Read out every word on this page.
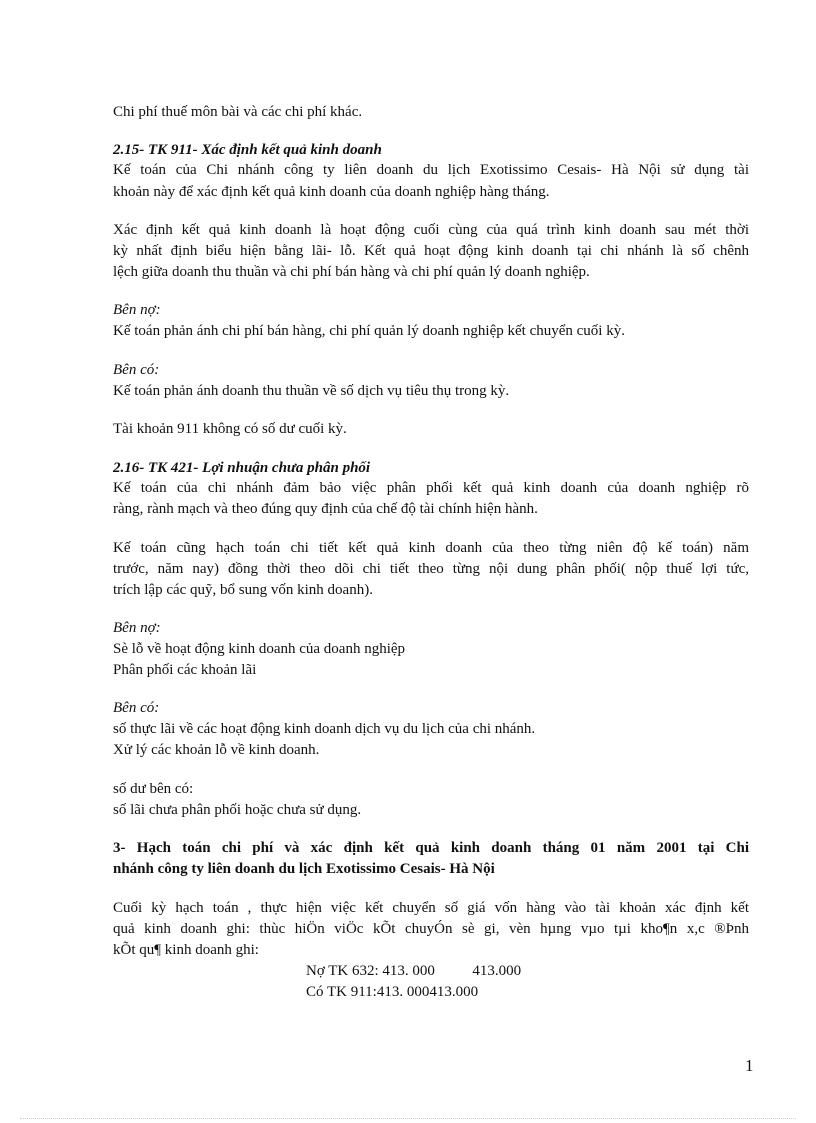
Chi phí thuế môn bài và các chi phí khác.

2.15- TK 911- Xác định kết quả kinh doanh

Kế toán của Chi nhánh công ty liên doanh du lịch Exotissimo Cesais- Hà Nội sử dụng tài

khoản này để xác định kết quả kinh doanh của doanh nghiệp hàng tháng.

Xác định kết quả kinh doanh là hoạt động cuối cùng của quá trình kinh doanh sau mét thời

kỳ nhất định biểu hiện bằng lãi- lỗ. Kết quả hoạt động kinh doanh tại chi nhánh là số chênh

lệch giữa doanh thu thuần và chi phí bán hàng và chi phí quản lý doanh nghiệp.

Bên nợ:

Kế toán phản ánh chi phí bán hàng, chi phí quản lý doanh nghiệp kết chuyển cuối kỳ.

Bên có:

Kế toán phản ánh doanh thu thuần về số dịch vụ tiêu thụ trong kỳ.

Tài khoản 911 không có số dư cuối kỳ.

2.16- TK 421- Lợi nhuận chưa phân phối

Kế toán của chi nhánh đảm bảo việc phân phối kết quả kinh doanh của doanh nghiệp rõ

ràng, rành mạch và theo đúng quy định của chế độ tài chính hiện hành.

Kế toán cũng hạch toán chi tiết kết quả kinh doanh của theo từng niên độ kế toán) năm

trước, năm nay) đồng thời theo dõi chi tiết theo từng nội dung phân phối( nộp thuế lợi tức,

trích lập các quỹ, bổ sung vốn kinh doanh).

Bên nợ:

Sè lỗ về hoạt động kinh doanh của doanh nghiệp

Phân phối các khoản lãi

Bên có:

số thực lãi về các hoạt động kinh doanh dịch vụ du lịch của chi nhánh.

Xử lý các khoản lỗ về kinh doanh.

số dư bên có:

số lãi chưa phân phối hoặc chưa sử dụng.

3- Hạch toán chi phí và xác định kết quả kinh doanh tháng 01 năm 2001 tại Chi

nhánh công ty liên doanh du lịch Exotissimo Cesais- Hà Nội

Cuối kỳ hạch toán , thực hiện việc kết chuyển số giá vốn hàng vào tài khoản xác định kết

quả kinh doanh ghi: thùc hiÖn viÖc kÕt chuyÓn sè gi, vèn hµng vµo tµi kho¶n x,c ®Þnh

kÕt qu¶ kinh doanh ghi:

Nợ TK 632: 413. 000          413.000

Có TK 911:413. 000413.000

1
